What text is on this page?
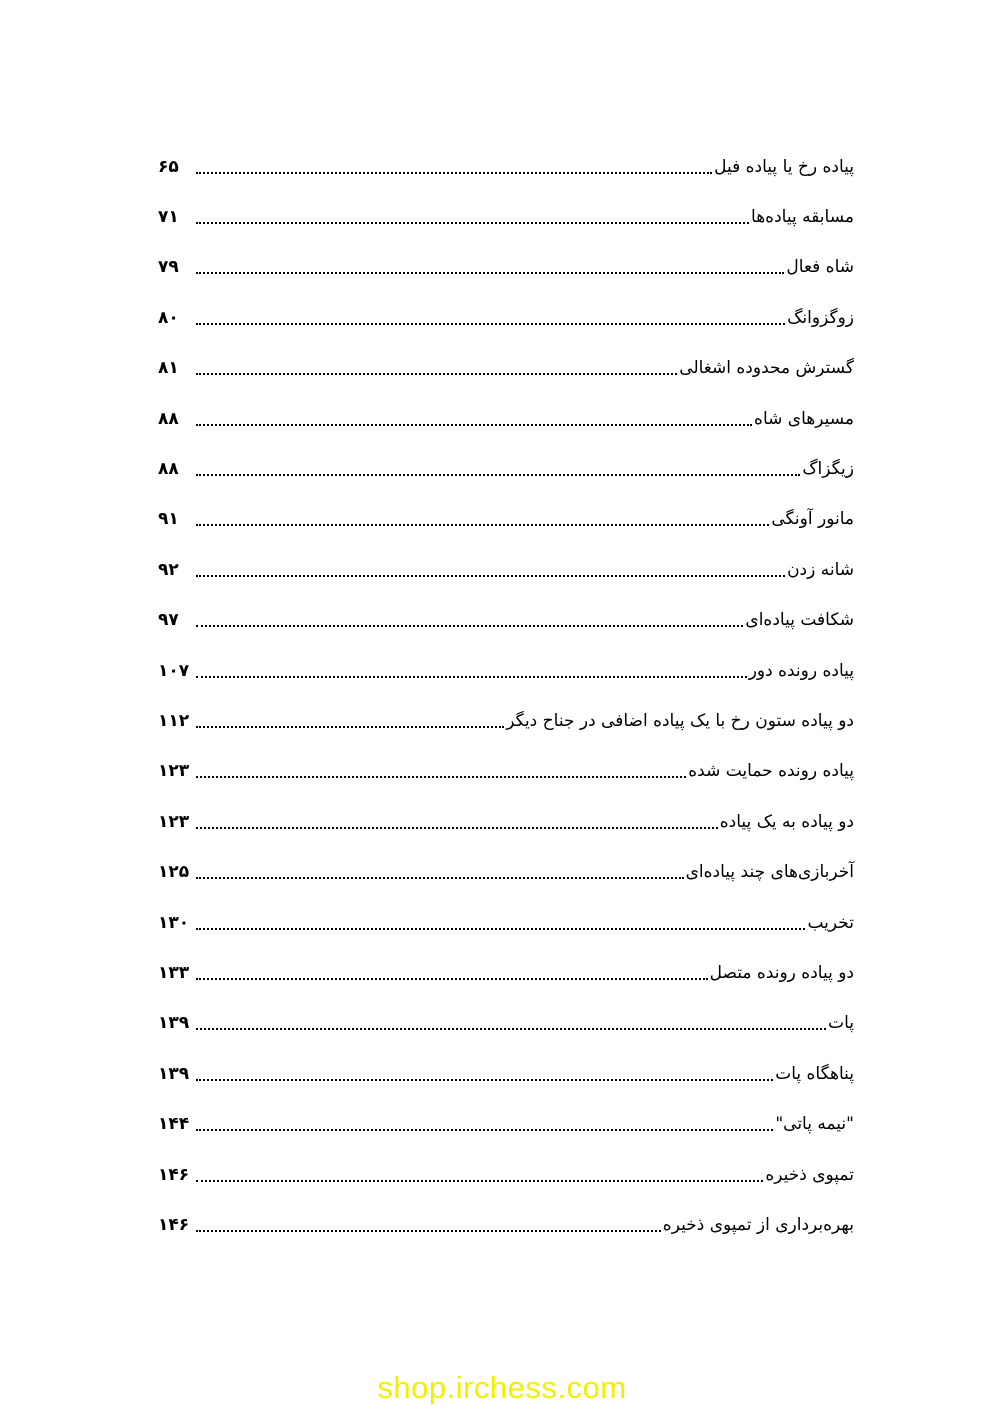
پیاده رخ یا پیاده فیل
۶۵
مسابقه پیاده‌ها
۷۱
شاه فعال
۷۹
زوگزوانگ
۸۰
گسترش محدوده اشغالی
۸۱
مسیرهای شاه
۸۸
زیگزاگ
۸۸
مانور آونگی
۹۱
شانه زدن
۹۲
شکافت پیاده‌ای
۹۷
پیاده رونده دور
۱۰۷
دو پیاده ستون رخ با یک پیاده اضافی در جناح دیگر
۱۱۲
پیاده رونده حمایت شده
۱۲۳
دو پیاده به یک پیاده
۱۲۳
آخربازی‌های چند پیاده‌ای
۱۲۵
تخریب
۱۳۰
دو پیاده رونده متصل
۱۳۳
پات
۱۳۹
پناهگاه پات
۱۳۹
"نیمه پاتی"
۱۴۴
تمپوی ذخیره
۱۴۶
بهره‌برداری از تمپوی ذخیره
۱۴۶
shop.irchess.com
